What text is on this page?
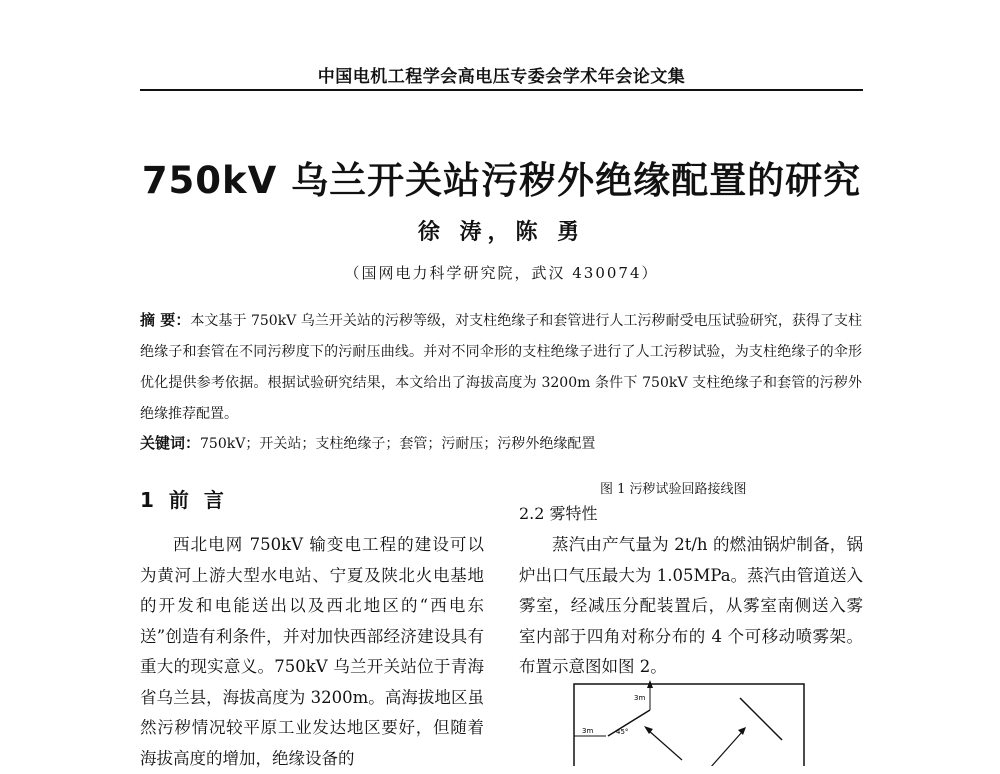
中国电机工程学会高电压专委会学术年会论文集
750kV 乌兰开关站污秽外绝缘配置的研究
徐 涛，陈 勇
（国网电力科学研究院，武汉 430074）
摘 要：本文基于 750kV 乌兰开关站的污秽等级，对支柱绝缘子和套管进行人工污秽耐受电压试验研究，获得了支柱绝缘子和套管在不同污秽度下的污耐压曲线。并对不同伞形的支柱绝缘子进行了人工污秽试验，为支柱绝缘子的伞形优化提供参考依据。根据试验研究结果，本文给出了海拔高度为 3200m 条件下 750kV 支柱绝缘子和套管的污秽外绝缘推荐配置。
关键词：750kV；开关站；支柱绝缘子；套管；污耐压；污秽外绝缘配置
图 1 污秽试验回路接线图
1 前 言
西北电网 750kV 输变电工程的建设可以为黄河上游大型水电站、宁夏及陕北火电基地的开发和电能送出以及西北地区的“西电东送”创造有利条件，并对加快西部经济建设具有重大的现实意义。750kV 乌兰开关站位于青海省乌兰县，海拔高度为 3200m。高海拔地区虽然污秽情况较平原工业发达地区要好，但随着海拔高度的增加，绝缘设备的
2.2 雾特性
蒸汽由产气量为 2t/h 的燃油锅炉制备，锅炉出口气压最大为 1.05MPa。蒸汽由管道送入雾室，经减压分配装置后，从雾室南侧送入雾室内部于四角对称分布的 4 个可移动喷雾架。布置示意图如图 2。
3m
3m	45°
